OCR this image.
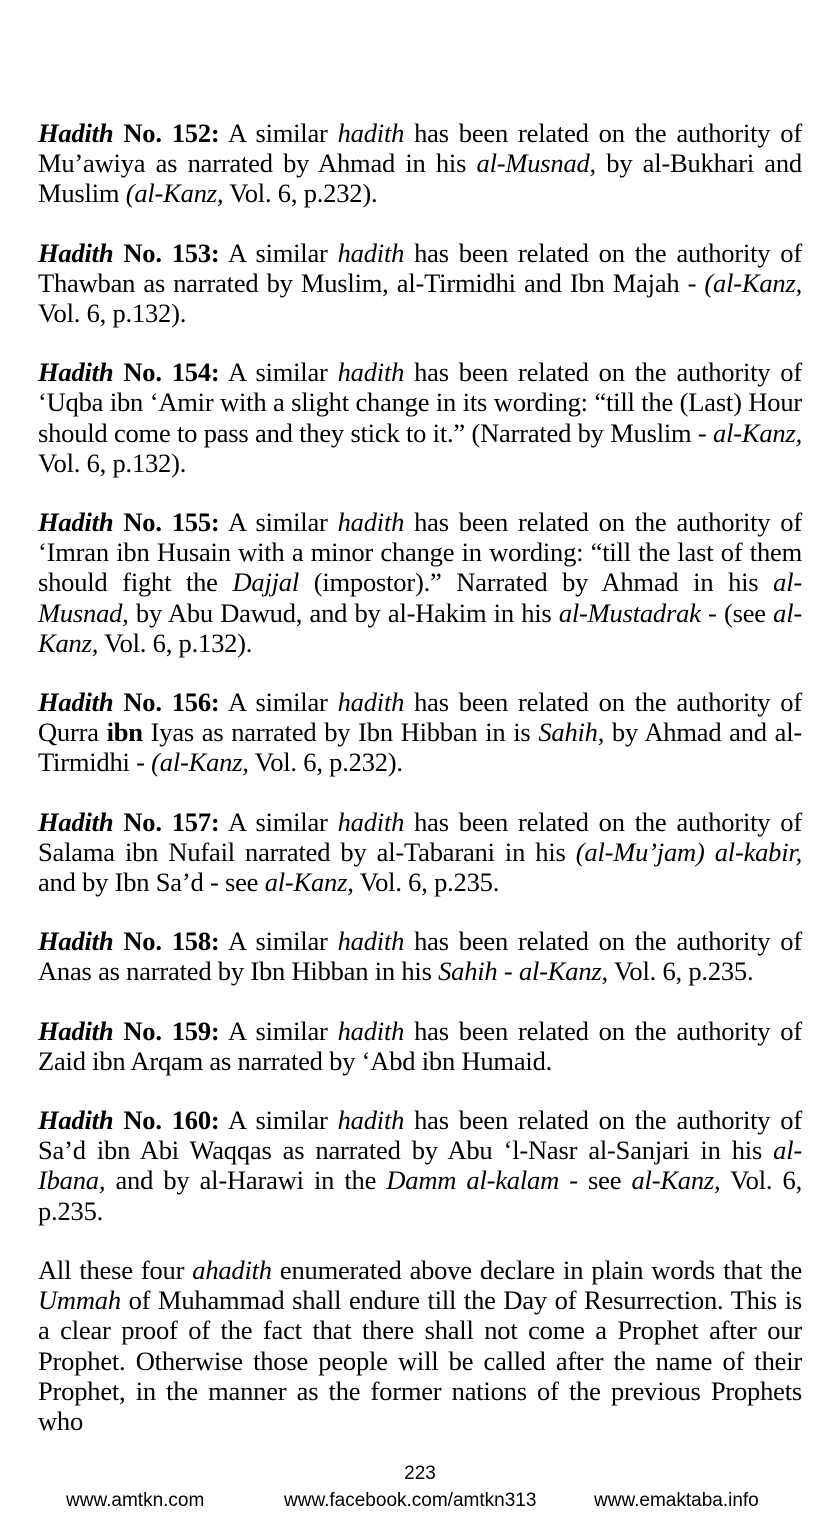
Hadith No. 152: A similar hadith has been related on the authority of Mu’awiya as narrated by Ahmad in his al-Musnad, by al-Bukhari and Muslim (al-Kanz, Vol. 6, p.232).

Hadith No. 153: A similar hadith has been related on the authority of Thawban as narrated by Muslim, al-Tirmidhi and Ibn Majah - (al-Kanz, Vol. 6, p.132).

Hadith No. 154: A similar hadith has been related on the authority of ‘Uqba ibn ‘Amir with a slight change in its wording: “till the (Last) Hour should come to pass and they stick to it.” (Narrated by Muslim - al-Kanz, Vol. 6, p.132).

Hadith No. 155: A similar hadith has been related on the authority of ‘Imran ibn Husain with a minor change in wording: “till the last of them should fight the Dajjal (impostor).” Narrated by Ahmad in his al-Musnad, by Abu Dawud, and by al-Hakim in his al-Mustadrak - (see al-Kanz, Vol. 6, p.132).

Hadith No. 156: A similar hadith has been related on the authority of Qurra ibn Iyas as narrated by Ibn Hibban in is Sahih, by Ahmad and al-Tirmidhi - (al-Kanz, Vol. 6, p.232).

Hadith No. 157: A similar hadith has been related on the authority of Salama ibn Nufail narrated by al-Tabarani in his (al-Mu’jam) al-kabir, and by Ibn Sa’d - see al-Kanz, Vol. 6, p.235.

Hadith No. 158: A similar hadith has been related on the authority of Anas as narrated by Ibn Hibban in his Sahih - al-Kanz, Vol. 6, p.235.

Hadith No. 159: A similar hadith has been related on the authority of Zaid ibn Arqam as narrated by ‘Abd ibn Humaid.

Hadith No. 160: A similar hadith has been related on the authority of Sa’d ibn Abi Waqqas as narrated by Abu ‘l-Nasr al-Sanjari in his al-Ibana, and by al-Harawi in the Damm al-kalam - see al-Kanz, Vol. 6, p.235.

All these four ahadith enumerated above declare in plain words that the Ummah of Muhammad shall endure till the Day of Resurrection. This is a clear proof of the fact that there shall not come a Prophet after our Prophet. Otherwise those people will be called after the name of their Prophet, in the manner as the former nations of the previous Prophets who

223
www.amtkn.com	www.facebook.com/amtkn313	www.emaktaba.info
